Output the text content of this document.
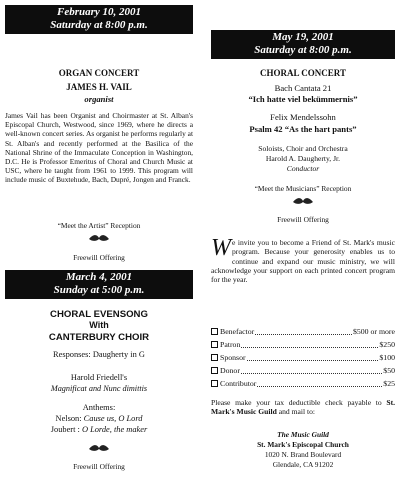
February 10, 2001
Saturday at 8:00 p.m.
ORGAN CONCERT
JAMES H. VAIL
organist
James Vail has been Organist and Choirmaster at St. Alban's Episcopal Church, Westwood, since 1969, where he directs a well-known concert series. As organist he performs regularly at St. Alban's and recently performed at the Basilica of the National Shrine of the Immaculate Conception in Washington, D.C. He is Professor Emeritus of Choral and Church Music at USC, where he taught from 1961 to 1999. This program will include music of Buxtehude, Bach, Dupré, Jongen and Franck.
“Meet the Artist” Reception
Freewill Offering
March 4, 2001
Sunday at 5:00 p.m.
CHORAL EVENSONG
With
CANTERBURY CHOIR
Responses: Daugherty in G
Harold Friedell's
Magnificat and Nunc dimittis
Anthems:
Nelson: Cause us, O Lord
Joubert : O Lorde, the maker
Freewill Offering
May 19, 2001
Saturday at 8:00 p.m.
CHORAL CONCERT
Bach Cantata 21
“Ich hatte viel bekümmernis”
Felix Mendelssohn
Psalm 42 “As the hart pants”
Soloists, Choir and Orchestra
Harold A. Daugherty, Jr.
Conductor
“Meet the Musicians” Reception
Freewill Offering
We invite you to become a Friend of St. Mark's music program. Because your generosity enables us to continue and expand our music ministry, we will acknowledge your support on each printed concert program for the year.
Benefactor	$500 or more
Patron	$250
Sponsor	$100
Donor	$50
Contributor	$25
Please make your tax deductible check payable to St. Mark's Music Guild and mail to:
The Music Guild
St. Mark's Episcopal Church
1020 N. Brand Boulevard
Glendale, CA 91202
